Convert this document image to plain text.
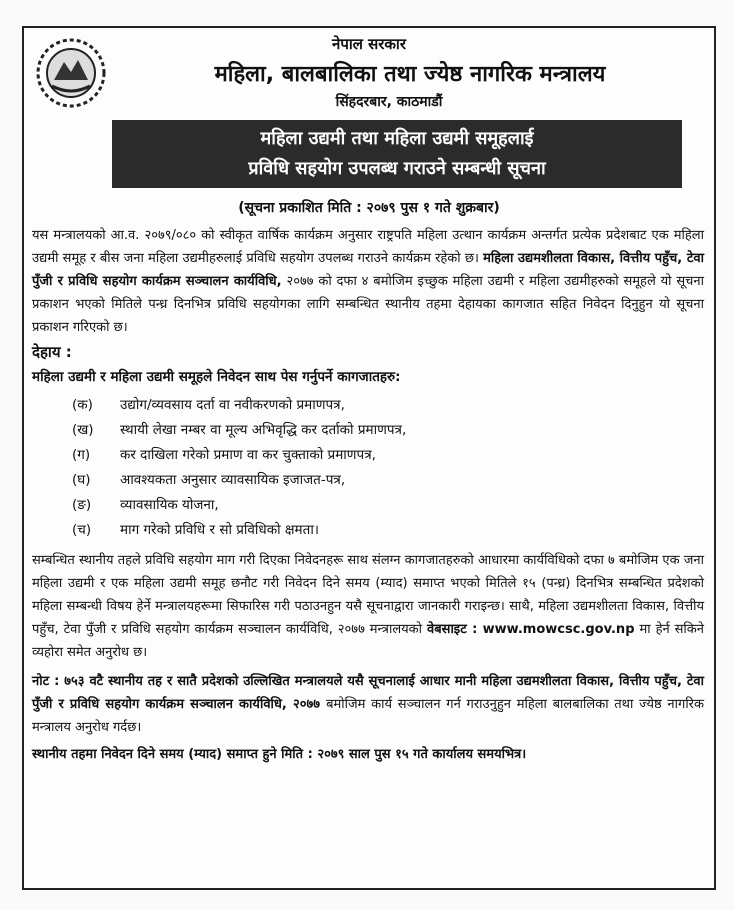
नेपाल सरकार
महिला, बालबालिका तथा ज्येष्ठ नागरिक मन्त्रालय
सिंहदरबार, काठमाडौं
महिला उद्यमी तथा महिला उद्यमी समूहलाई
प्रविधि सहयोग उपलब्ध गराउने सम्बन्धी सूचना
(सूचना प्रकाशित मिति : २०७९ पुस १ गते शुक्रबार)

यस मन्त्रालयको आ.व. २०७९/०८० को स्वीकृत वार्षिक कार्यक्रम अनुसार राष्ट्रपति महिला उत्थान कार्यक्रम अन्तर्गत प्रत्येक प्रदेशबाट एक महिला उद्यमी समूह र बीस जना महिला उद्यमीहरुलाई प्रविधि सहयोग उपलब्ध गराउने कार्यक्रम रहेको छ। महिला उद्यमशीलता विकास, वित्तीय पहुँच, टेवा पुँजी र प्रविधि सहयोग कार्यक्रम सञ्चालन कार्यविधि, २०७७ को दफा ४ बमोजिम इच्छुक महिला उद्यमी र महिला उद्यमीहरुको समूहले यो सूचना प्रकाशन भएको मितिले पन्ध्र दिनभित्र प्रविधि सहयोगका लागि सम्बन्धित स्थानीय तहमा देहायका कागजात सहित निवेदन दिनुहुन यो सूचना प्रकाशन गरिएको छ।

देहाय :
महिला उद्यमी र महिला उद्यमी समूहले निवेदन साथ पेस गर्नुपर्ने कागजातहरु:
(क)	उद्योग/व्यवसाय दर्ता वा नवीकरणको प्रमाणपत्र,
(ख)	स्थायी लेखा नम्बर वा मूल्य अभिवृद्धि कर दर्ताको प्रमाणपत्र,
(ग)	कर दाखिला गरेको प्रमाण वा कर चुक्ताको प्रमाणपत्र,
(घ)	आवश्यकता अनुसार व्यावसायिक इजाजत-पत्र,
(ङ)	व्यावसायिक योजना,
(च)	माग गरेको प्रविधि र सो प्रविधिको क्षमता।

सम्बन्धित स्थानीय तहले प्रविधि सहयोग माग गरी दिएका निवेदनहरू साथ संलग्न कागजातहरुको आधारमा कार्यविधिको दफा ७ बमोजिम एक जना महिला उद्यमी र एक महिला उद्यमी समूह छनौट गरी निवेदन दिने समय (म्याद) समाप्त भएको मितिले १५ (पन्ध्र) दिनभित्र सम्बन्धित प्रदेशको महिला सम्बन्धी विषय हेर्ने मन्त्रालयहरूमा सिफारिस गरी पठाउनहुन यसै सूचनाद्वारा जानकारी गराइन्छ। साथै, महिला उद्यमशीलता विकास, वित्तीय पहुँच, टेवा पुँजी र प्रविधि सहयोग कार्यक्रम सञ्चालन कार्यविधि, २०७७ मन्त्रालयको वेबसाइट : www.mowcsc.gov.np मा हेर्न सकिने व्यहोरा समेत अनुरोध छ।

नोट : ७५३ वटै स्थानीय तह र सातै प्रदेशको उल्लिखित मन्त्रालयले यसै सूचनालाई आधार मानी महिला उद्यमशीलता विकास, वित्तीय पहुँच, टेवा पुँजी र प्रविधि सहयोग कार्यक्रम सञ्चालन कार्यविधि, २०७७ बमोजिम कार्य सञ्चालन गर्न गराउनुहुन महिला बालबालिका तथा ज्येष्ठ नागरिक मन्त्रालय अनुरोध गर्दछ।

स्थानीय तहमा निवेदन दिने समय (म्याद) समाप्त हुने मिति : २०७९ साल पुस १५ गते कार्यालय समयभित्र।
